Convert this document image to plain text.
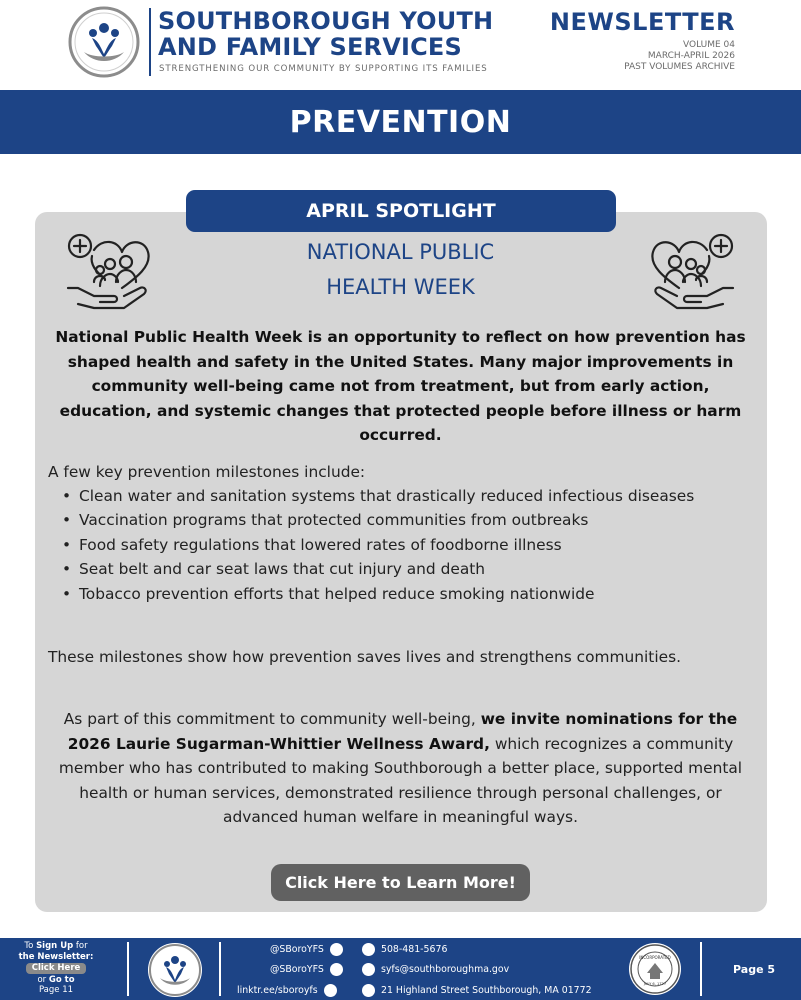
SOUTHBOROUGH YOUTH
AND FAMILY SERVICES
STRENGTHENING OUR COMMUNITY BY SUPPORTING ITS FAMILIES
NEWSLETTER
VOLUME 04
MARCH-APRIL 2026
PAST VOLUMES ARCHIVE
PREVENTION
APRIL SPOTLIGHT
NATIONAL PUBLIC
HEALTH WEEK

National Public Health Week is an opportunity to reflect on how prevention has shaped health and safety in the United States. Many major improvements in community well-being came not from treatment, but from early action, education, and systemic changes that protected people before illness or harm occurred.

A few key prevention milestones include:

• Clean water and sanitation systems that drastically reduced infectious diseases
• Vaccination programs that protected communities from outbreaks
• Food safety regulations that lowered rates of foodborne illness
• Seat belt and car seat laws that cut injury and death
• Tobacco prevention efforts that helped reduce smoking nationwide

These milestones show how prevention saves lives and strengthens communities.

As part of this commitment to community well-being, we invite nominations for the 2026 Laurie Sugarman-Whittier Wellness Award, which recognizes a community member who has contributed to making Southborough a better place, supported mental health or human services, demonstrated resilience through personal challenges, or advanced human welfare in meaningful ways.

Click Here to Learn More!
To Sign Up for
the Newsletter:
Click Here
or Go to
Page 11
@SBoroYFS
@SBoroYFS
linktr.ee/sboroyfs
508-481-5676
syfs@southboroughma.gov
21 Highland Street Southborough, MA 01772
Page 5
INCORPORATED
JULY 6, 1727
